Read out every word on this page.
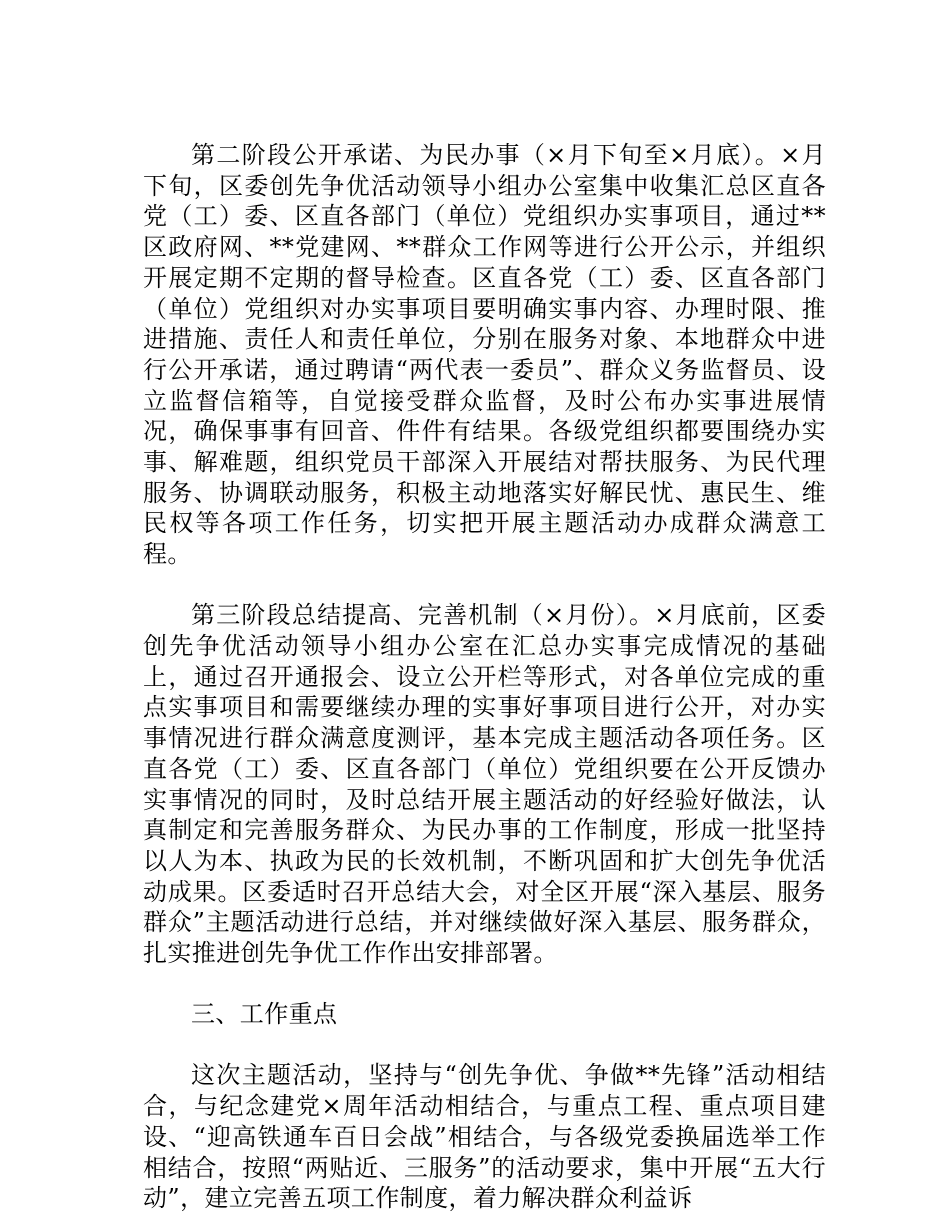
第二阶段公开承诺、为民办事（×月下旬至×月底）。×月下旬，区委创先争优活动领导小组办公室集中收集汇总区直各党（工）委、区直各部门（单位）党组织办实事项目，通过**区政府网、**党建网、**群众工作网等进行公开公示，并组织开展定期不定期的督导检查。区直各党（工）委、区直各部门（单位）党组织对办实事项目要明确实事内容、办理时限、推进措施、责任人和责任单位，分别在服务对象、本地群众中进行公开承诺，通过聘请“两代表一委员”、群众义务监督员、设立监督信箱等，自觉接受群众监督，及时公布办实事进展情况，确保事事有回音、件件有结果。各级党组织都要围绕办实事、解难题，组织党员干部深入开展结对帮扶服务、为民代理服务、协调联动服务，积极主动地落实好解民忧、惠民生、维民权等各项工作任务，切实把开展主题活动办成群众满意工程。

第三阶段总结提高、完善机制（×月份）。×月底前，区委创先争优活动领导小组办公室在汇总办实事完成情况的基础上，通过召开通报会、设立公开栏等形式，对各单位完成的重点实事项目和需要继续办理的实事好事项目进行公开，对办实事情况进行群众满意度测评，基本完成主题活动各项任务。区直各党（工）委、区直各部门（单位）党组织要在公开反馈办实事情况的同时，及时总结开展主题活动的好经验好做法，认真制定和完善服务群众、为民办事的工作制度，形成一批坚持以人为本、执政为民的长效机制，不断巩固和扩大创先争优活动成果。区委适时召开总结大会，对全区开展“深入基层、服务群众”主题活动进行总结，并对继续做好深入基层、服务群众，扎实推进创先争优工作作出安排部署。

三、工作重点

这次主题活动，坚持与“创先争优、争做**先锋”活动相结合，与纪念建党×周年活动相结合，与重点工程、重点项目建设、“迎高铁通车百日会战”相结合，与各级党委换届选举工作相结合，按照“两贴近、三服务”的活动要求，集中开展“五大行动”，建立完善五项工作制度，着力解决群众利益诉
